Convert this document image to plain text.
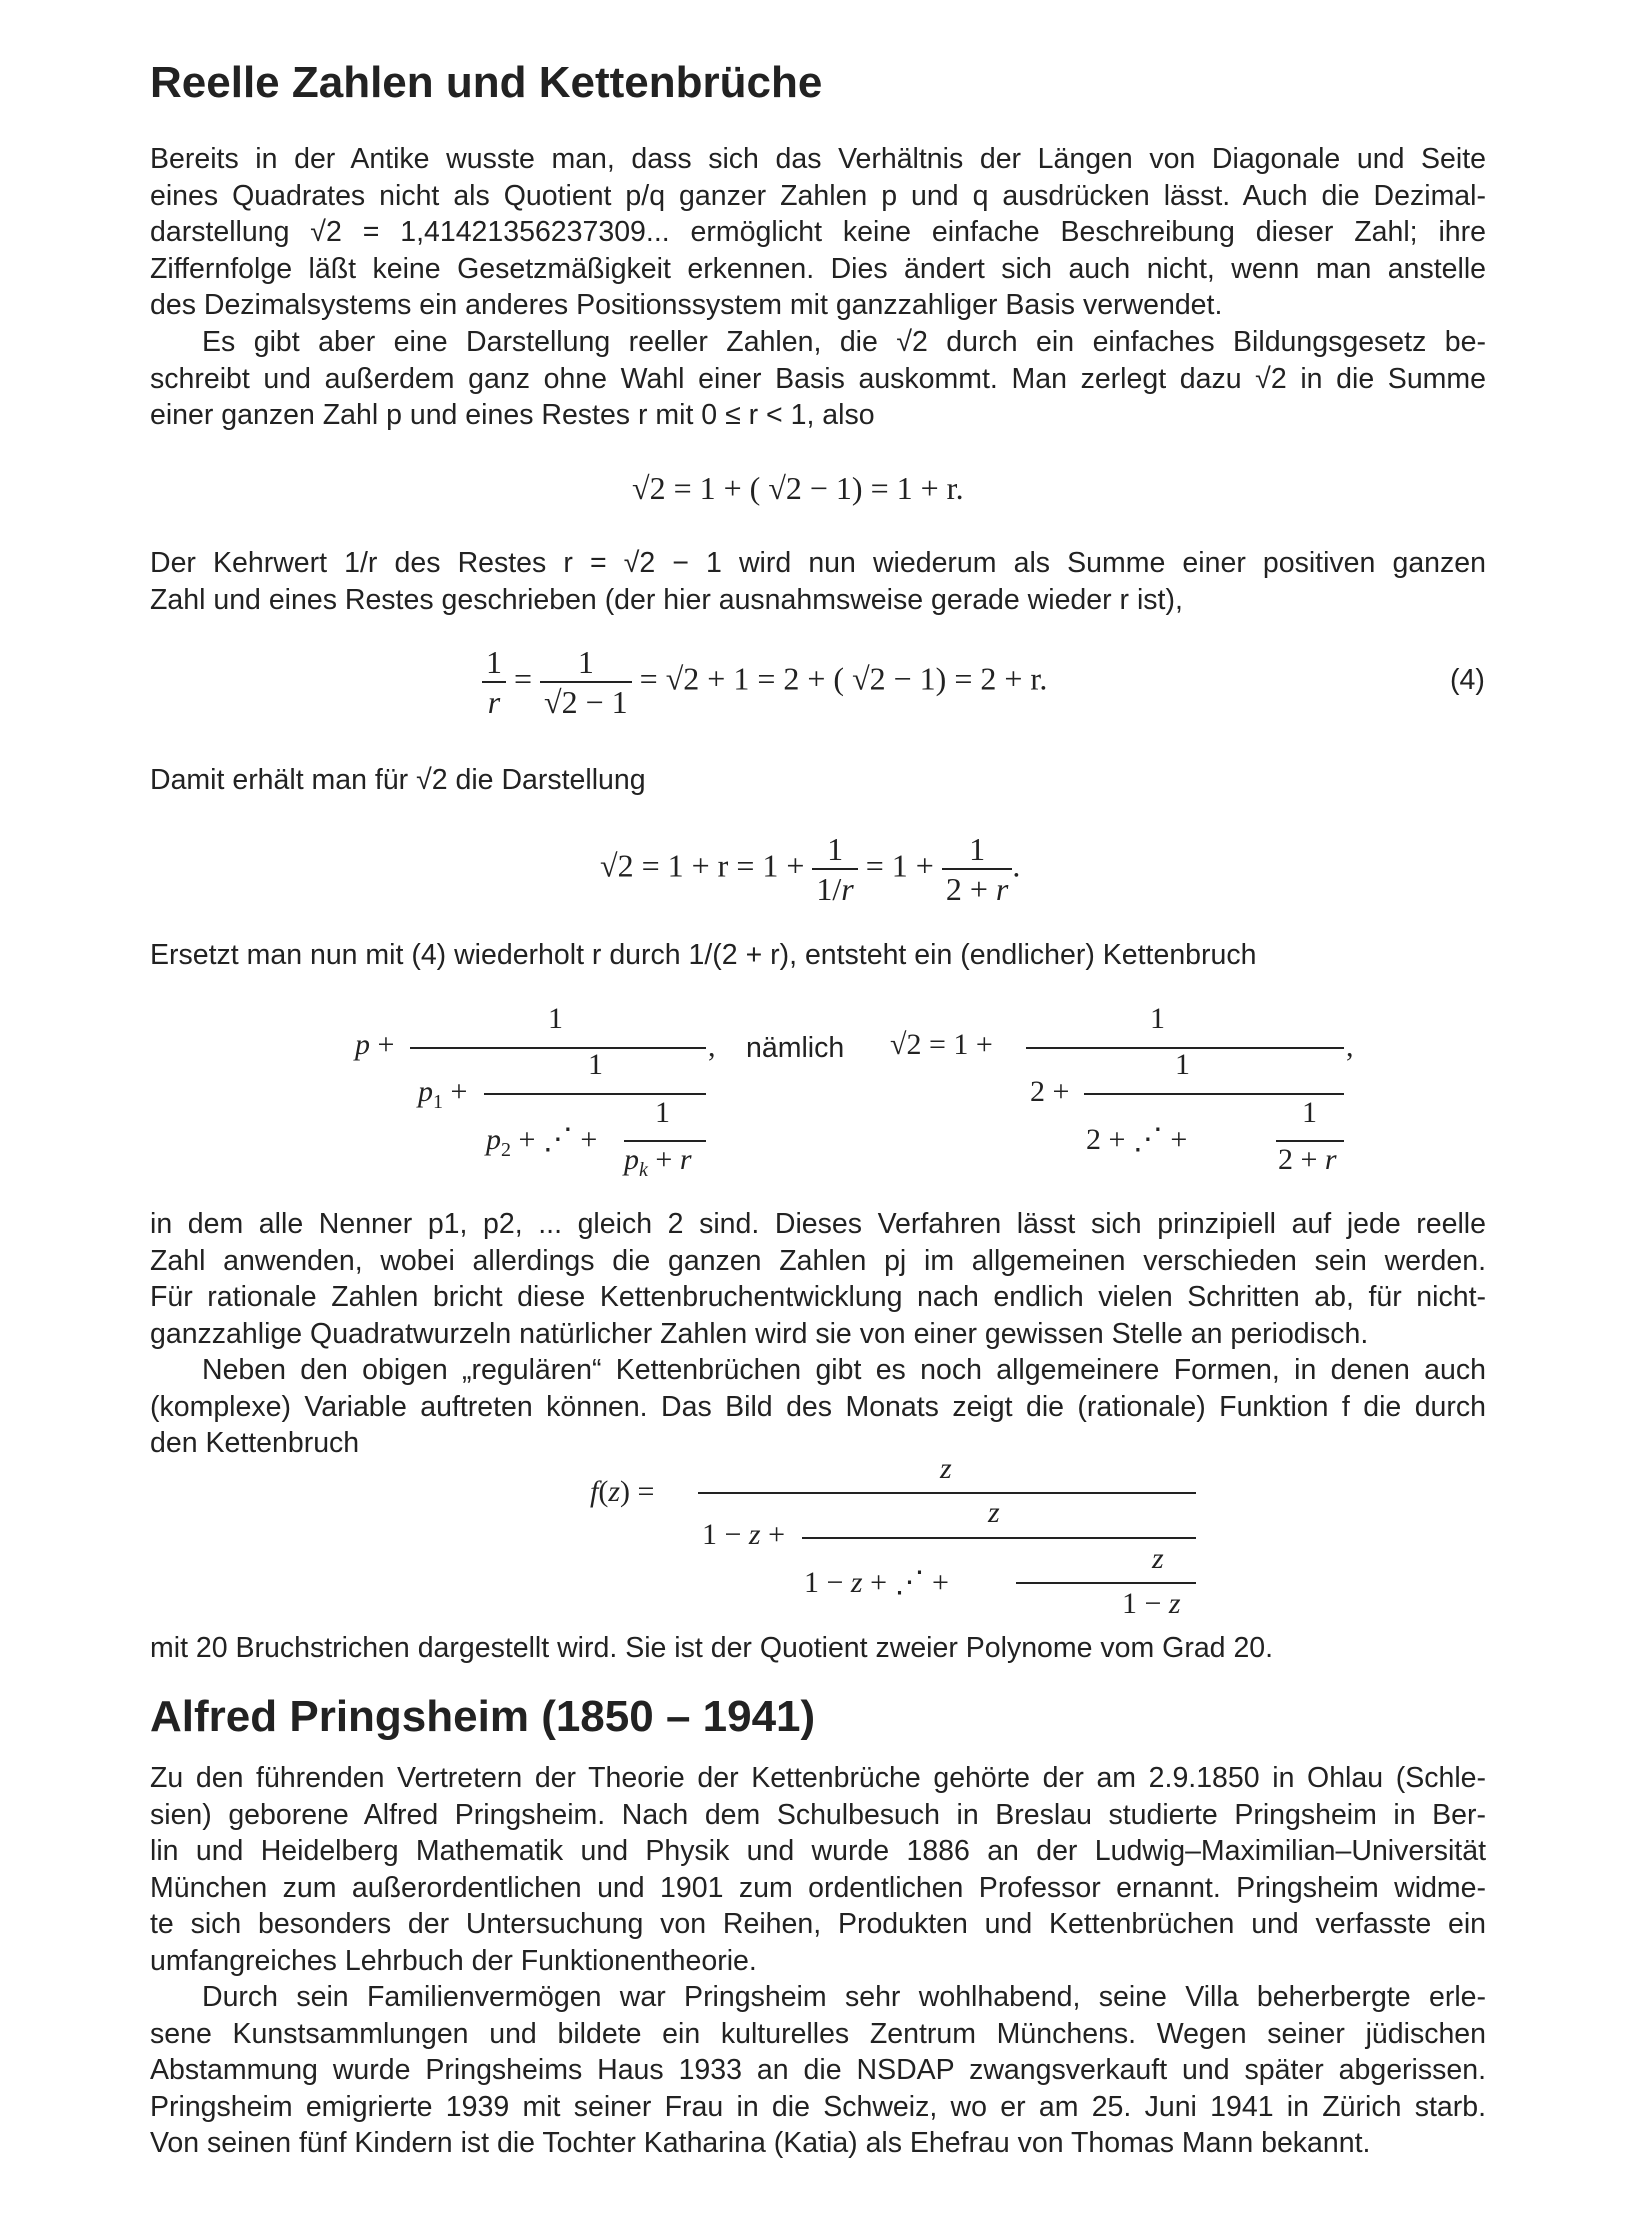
Reelle Zahlen und Kettenbrüche
Bereits in der Antike wusste man, dass sich das Verhältnis der Längen von Diagonale und Seite
eines Quadrates nicht als Quotient p/q ganzer Zahlen p und q ausdrücken lässt. Auch die Dezimal-
darstellung √2 = 1,41421356237309... ermöglicht keine einfache Beschreibung dieser Zahl; ihre
Ziffernfolge läßt keine Gesetzmäßigkeit erkennen. Dies ändert sich auch nicht, wenn man anstelle
des Dezimalsystems ein anderes Positionssystem mit ganzzahliger Basis verwendet.
Es gibt aber eine Darstellung reeller Zahlen, die √2 durch ein einfaches Bildungsgesetz be-
schreibt und außerdem ganz ohne Wahl einer Basis auskommt. Man zerlegt dazu √2 in die Summe
einer ganzen Zahl p und eines Restes r mit 0 ≤ r < 1, also
√2 = 1 + ( √2 − 1) = 1 + r.
Der Kehrwert 1/r des Restes r = √2 − 1 wird nun wiederum als Summe einer positiven ganzen
Zahl und eines Restes geschrieben (der hier ausnahmsweise gerade wieder r ist),
$\frac{1}{r} = \frac{1}{√2 - 1} = √2 + 1 = 2$ + ( √2 − 1) = 2 + r.	(4)
Damit erhält man für √2 die Darstellung
$√2 = 1 + r = 1 + \frac{1}{1/r} = 1 + \frac{1}{2 + r}$ .
Ersetzt man nun mit (4) wiederholt r durch 1/(2 + r), entsteht ein (endlicher) Kettenbruch
p +
1
$p_1$ +
1
$p_2$ + ⋰ +
1
$p_k + r$
, nämlich √2 = 1 +
1
2 +
1
2 + ⋰ +
1
2 + r
,
in dem alle Nenner p1, p2, ... gleich 2 sind. Dieses Verfahren lässt sich prinzipiell auf jede reelle
Zahl anwenden, wobei allerdings die ganzen Zahlen pj im allgemeinen verschieden sein werden.
Für rationale Zahlen bricht diese Kettenbruchentwicklung nach endlich vielen Schritten ab, für nicht-
ganzzahlige Quadratwurzeln natürlicher Zahlen wird sie von einer gewissen Stelle an periodisch.
Neben den obigen „regulären“ Kettenbrüchen gibt es noch allgemeinere Formen, in denen auch
(komplexe) Variable auftreten können. Das Bild des Monats zeigt die (rationale) Funktion f die durch
den Kettenbruch
f(z) =
z
1 − z +
z
1 − z + ⋰ +
z
1 − z
mit 20 Bruchstrichen dargestellt wird. Sie ist der Quotient zweier Polynome vom Grad 20.
Alfred Pringsheim (1850 – 1941)
Zu den führenden Vertretern der Theorie der Kettenbrüche gehörte der am 2.9.1850 in Ohlau (Schle-
sien) geborene Alfred Pringsheim. Nach dem Schulbesuch in Breslau studierte Pringsheim in Ber-
lin und Heidelberg Mathematik und Physik und wurde 1886 an der Ludwig–Maximilian–Universität
München zum außerordentlichen und 1901 zum ordentlichen Professor ernannt. Pringsheim widme-
te sich besonders der Untersuchung von Reihen, Produkten und Kettenbrüchen und verfasste ein
umfangreiches Lehrbuch der Funktionentheorie.
Durch sein Familienvermögen war Pringsheim sehr wohlhabend, seine Villa beherbergte erle-
sene Kunstsammlungen und bildete ein kulturelles Zentrum Münchens. Wegen seiner jüdischen
Abstammung wurde Pringsheims Haus 1933 an die NSDAP zwangsverkauft und später abgerissen.
Pringsheim emigrierte 1939 mit seiner Frau in die Schweiz, wo er am 25. Juni 1941 in Zürich starb.
Von seinen fünf Kindern ist die Tochter Katharina (Katia) als Ehefrau von Thomas Mann bekannt.
